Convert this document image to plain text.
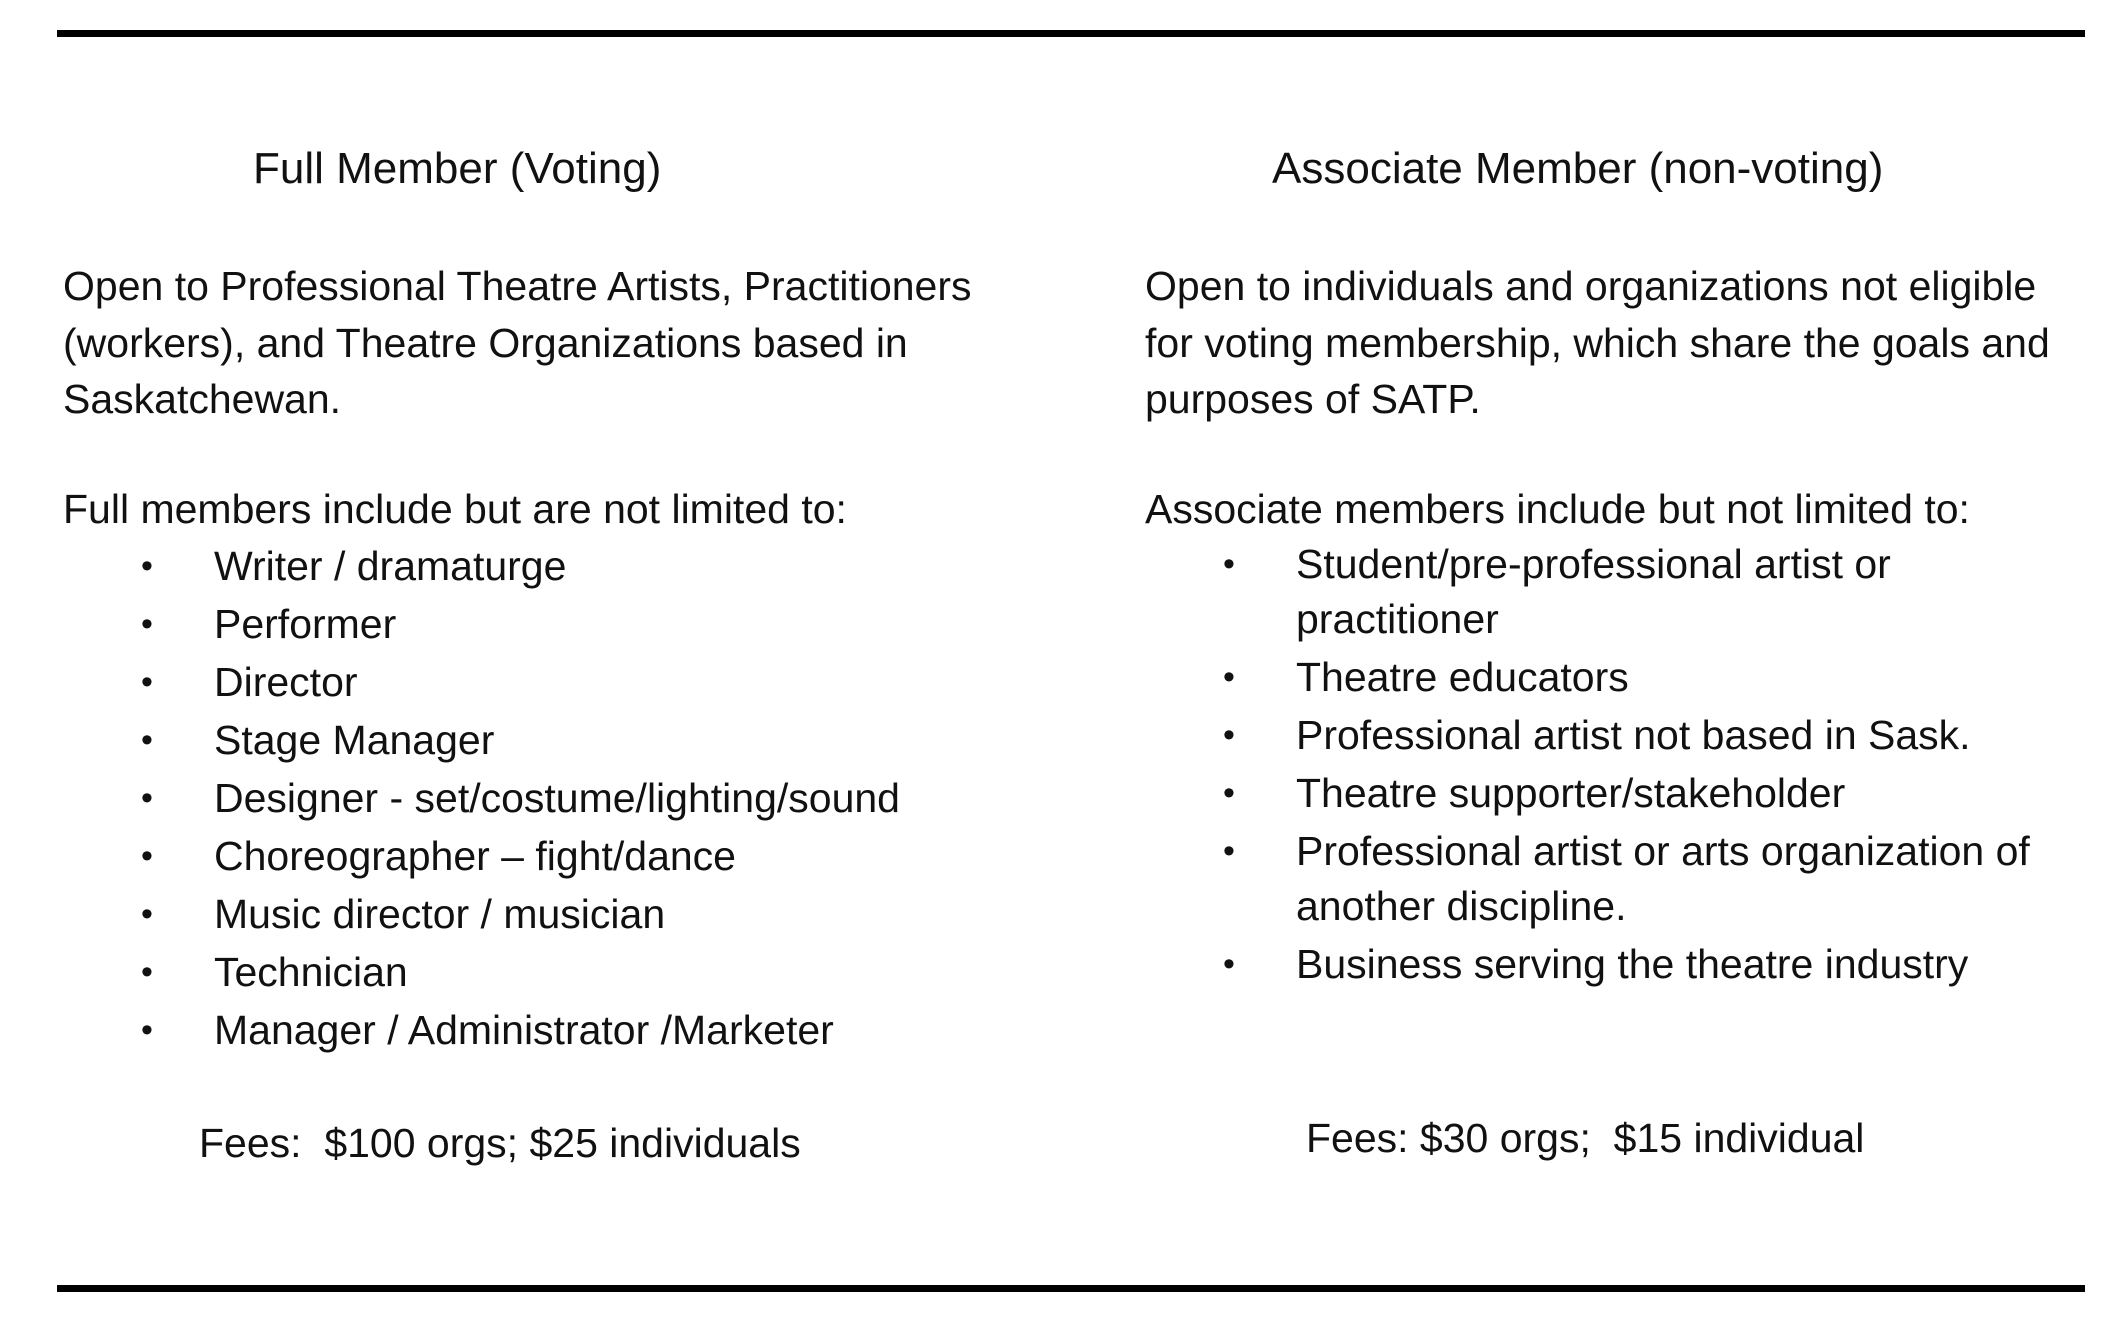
Full Member (Voting)

Open to Professional Theatre Artists, Practitioners (workers), and Theatre Organizations based in Saskatchewan.

Full members include but are not limited to:

• Writer / dramaturge
• Performer
• Director
• Stage Manager
• Designer - set/costume/lighting/sound
• Choreographer – fight/dance
• Music director / musician
• Technician
• Manager / Administrator /Marketer

Fees:  $100 orgs; $25 individuals

Associate Member (non-voting)

Open to individuals and organizations not eligible for voting membership, which share the goals and purposes of SATP.

Associate members include but not limited to:

• Student/pre-professional artist or practitioner
• Theatre educators
• Professional artist not based in Sask.
• Theatre supporter/stakeholder
• Professional artist or arts organization of another discipline.
• Business serving the theatre industry

Fees: $30 orgs;  $15 individual
